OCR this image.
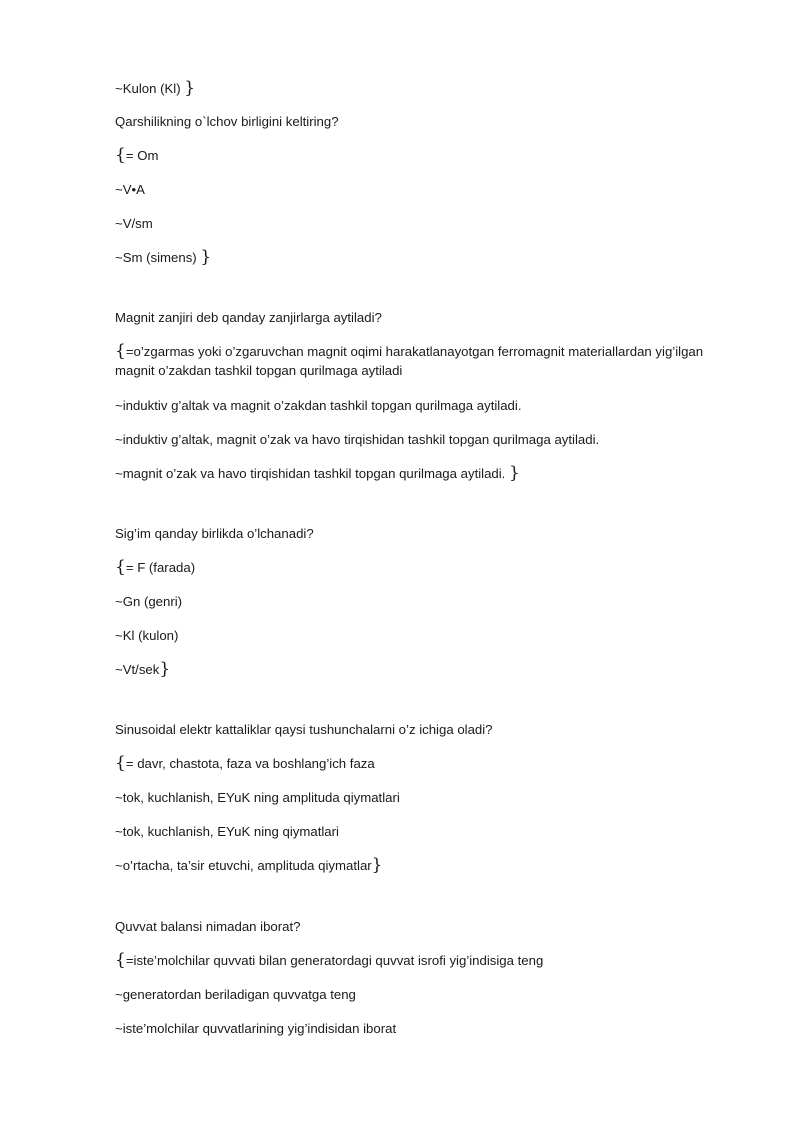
~Kulon (Kl) }
Qarshilikning o`lchov birligini keltiring?
{= Om
~V•A
~V/sm
~Sm (simens) }
Magnit zanjiri deb qanday zanjirlarga aytiladi?
{=o’zgarmas yoki o’zgaruvchan magnit oqimi harakatlanayotgan ferromagnit materiallardan yig’ilgan magnit o’zakdan tashkil topgan qurilmaga aytiladi
~induktiv g’altak va magnit o’zakdan tashkil topgan qurilmaga aytiladi.
~induktiv g’altak, magnit o’zak va havo tirqishidan tashkil topgan qurilmaga aytiladi.
~magnit o’zak va havo tirqishidan tashkil topgan qurilmaga aytiladi. }
Sig’im qanday birlikda o’lchanadi?
{= F (farada)
~Gn (genri)
~Kl (kulon)
~Vt/sek}
Sinusoidal elektr kattaliklar qaysi tushunchalarni o’z ichiga oladi?
{= davr, chastota, faza va boshlang’ich faza
~tok, kuchlanish, EYuK ning amplituda qiymatlari
~tok, kuchlanish, EYuK ning qiymatlari
~o’rtacha, ta’sir etuvchi, amplituda qiymatlar}
Quvvat balansi nimadan iborat?
{=iste’molchilar quvvati bilan generatordagi quvvat isrofi yig’indisiga teng
~generatordan beriladigan quvvatga teng
~iste’molchilar quvvatlarining yig’indisidan iborat
